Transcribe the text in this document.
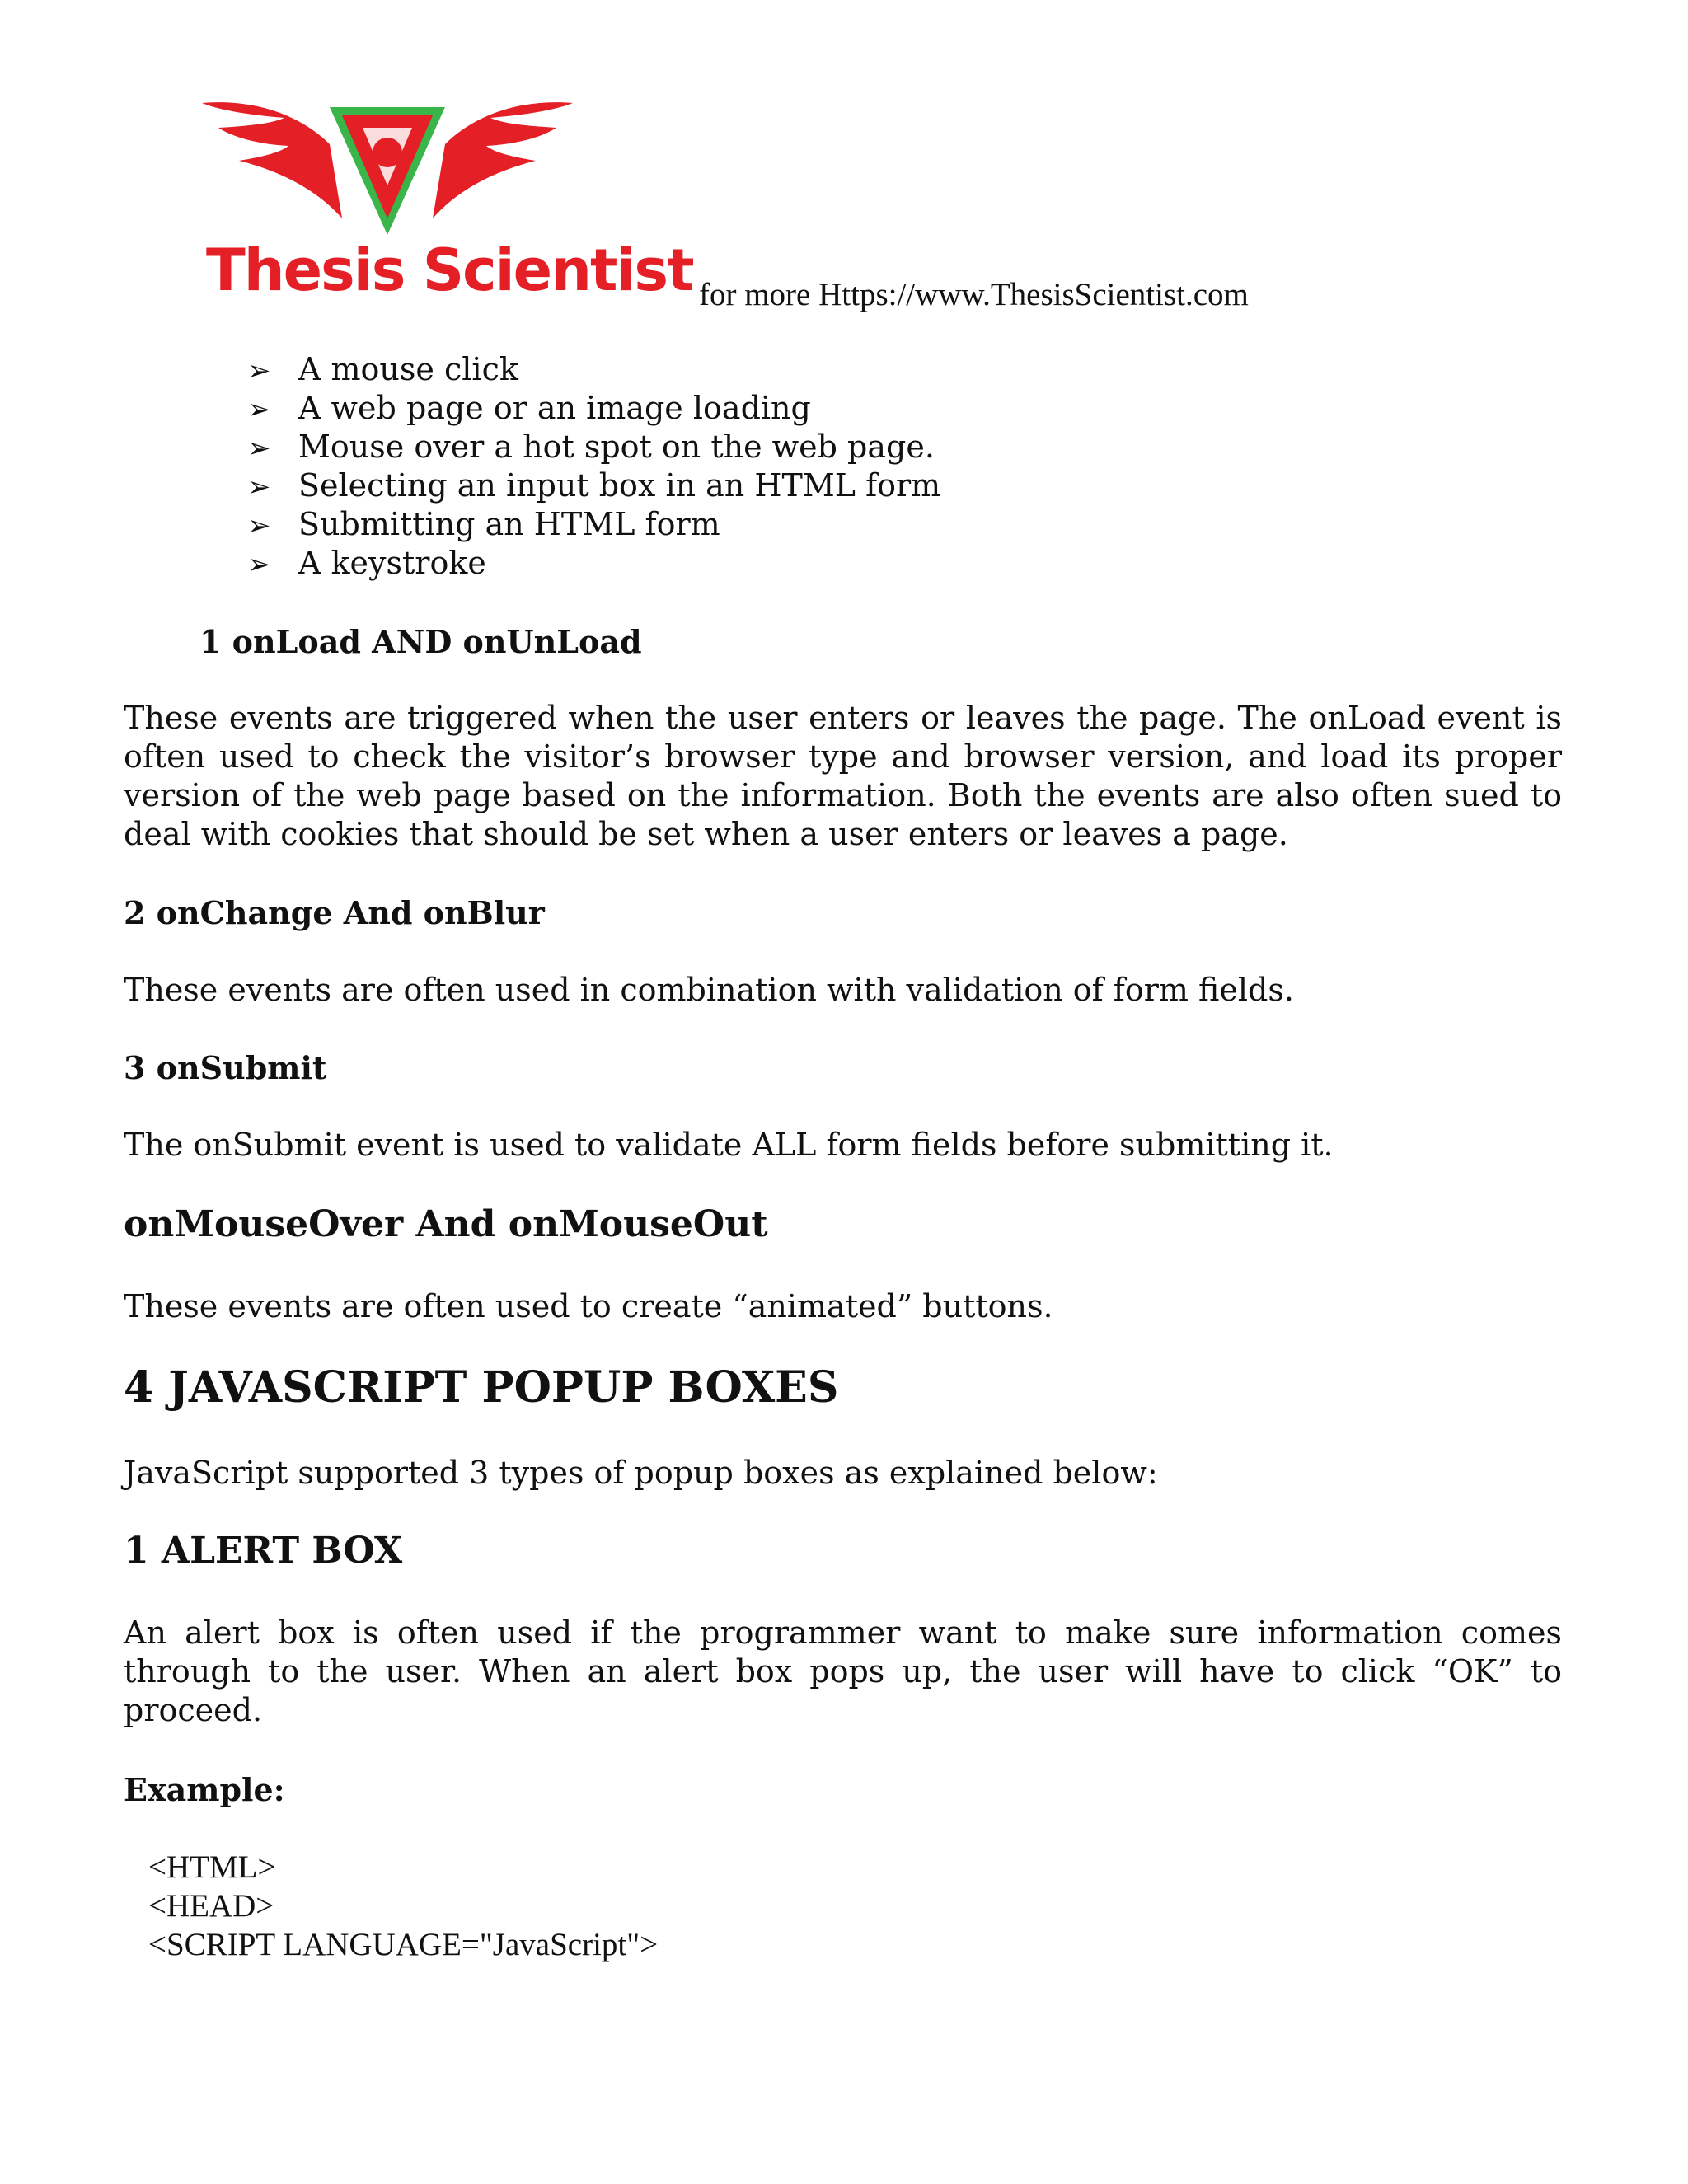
Thesis Scientist for more Https://www.ThesisScientist.com
➢ A mouse click
➢ A web page or an image loading
➢ Mouse over a hot spot on the web page.
➢ Selecting an input box in an HTML form
➢ Submitting an HTML form
➢ A keystroke
1 onLoad AND onUnLoad

These events are triggered when the user enters or leaves the page. The onLoad event is often used to check the visitor’s browser type and browser version, and load its proper version of the web page based on the information. Both the events are also often sued to deal with cookies that should be set when a user enters or leaves a page.

2 onChange And onBlur
These events are often used in combination with validation of form fields.
3 onSubmit
The onSubmit event is used to validate ALL form fields before submitting it.
onMouseOver And onMouseOut
These events are often used to create “animated” buttons.
4 JAVASCRIPT POPUP BOXES
JavaScript supported 3 types of popup boxes as explained below:
1 ALERT BOX

An alert box is often used if the programmer want to make sure information comes through to the user. When an alert box pops up, the user will have to click “OK” to proceed.

Example:
<HTML>
<HEAD>
<SCRIPT LANGUAGE="JavaScript">
